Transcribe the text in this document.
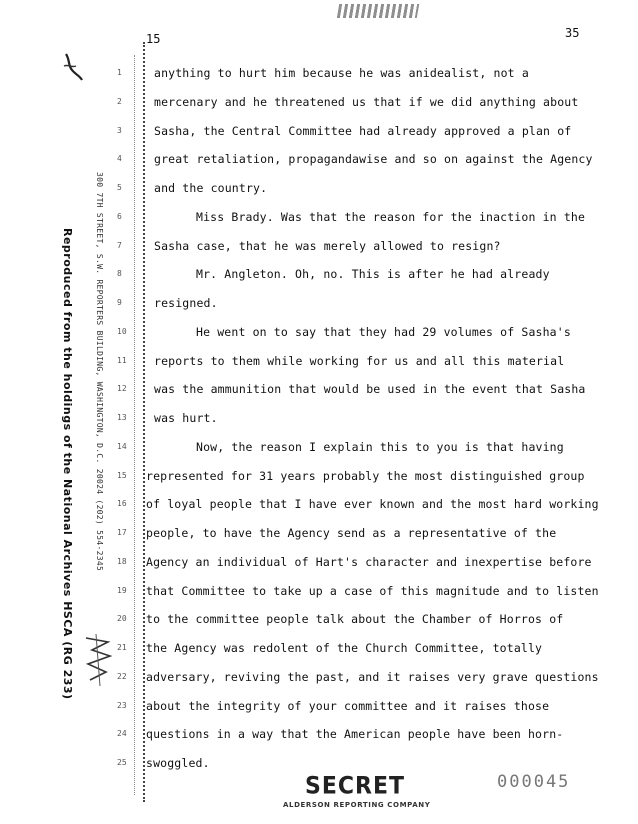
15	35
Reproduced from the holdings of the National Archives HSCA (RG 233)	300 7TH STREET, S.W. REPORTERS BUILDING, WASHINGTON, D.C. 20024 (202) 554-2345
1	anything to hurt him because he was anidealist, not a
2	mercenary and he threatened us that if we did anything about
3	Sasha, the Central Committee had already approved a plan of
4	great retaliation, propagandawise and so on against the Agency
5	and the country.
6	Miss Brady. Was that the reason for the inaction in the
7	Sasha case, that he was merely allowed to resign?
8	Mr. Angleton. Oh, no. This is after he had already
9	resigned.
10	He went on to say that they had 29 volumes of Sasha's
11 reports to them while working for us and all this material
12 was the ammunition that would be used in the event that Sasha
13 was hurt.
14	Now, the reason I explain this to you is that having
15 represented for 31 years probably the most distinguished group
16 of loyal people that I have ever known and the most hard working
17 people, to have the Agency send as a representative of the
18 Agency an individual of Hart's character and inexpertise before
19 that Committee to take up a case of this magnitude and to listen
20 to the committee people talk about the Chamber of Horros of
21 the Agency was redolent of the Church Committee, totally
22 adversary, reviving the past, and it raises very grave questions
23 about the integrity of your committee and it raises those
24 questions in a way that the American people have been horn-
25 swoggled.
SECRET	000045
ALDERSON REPORTING COMPANY
